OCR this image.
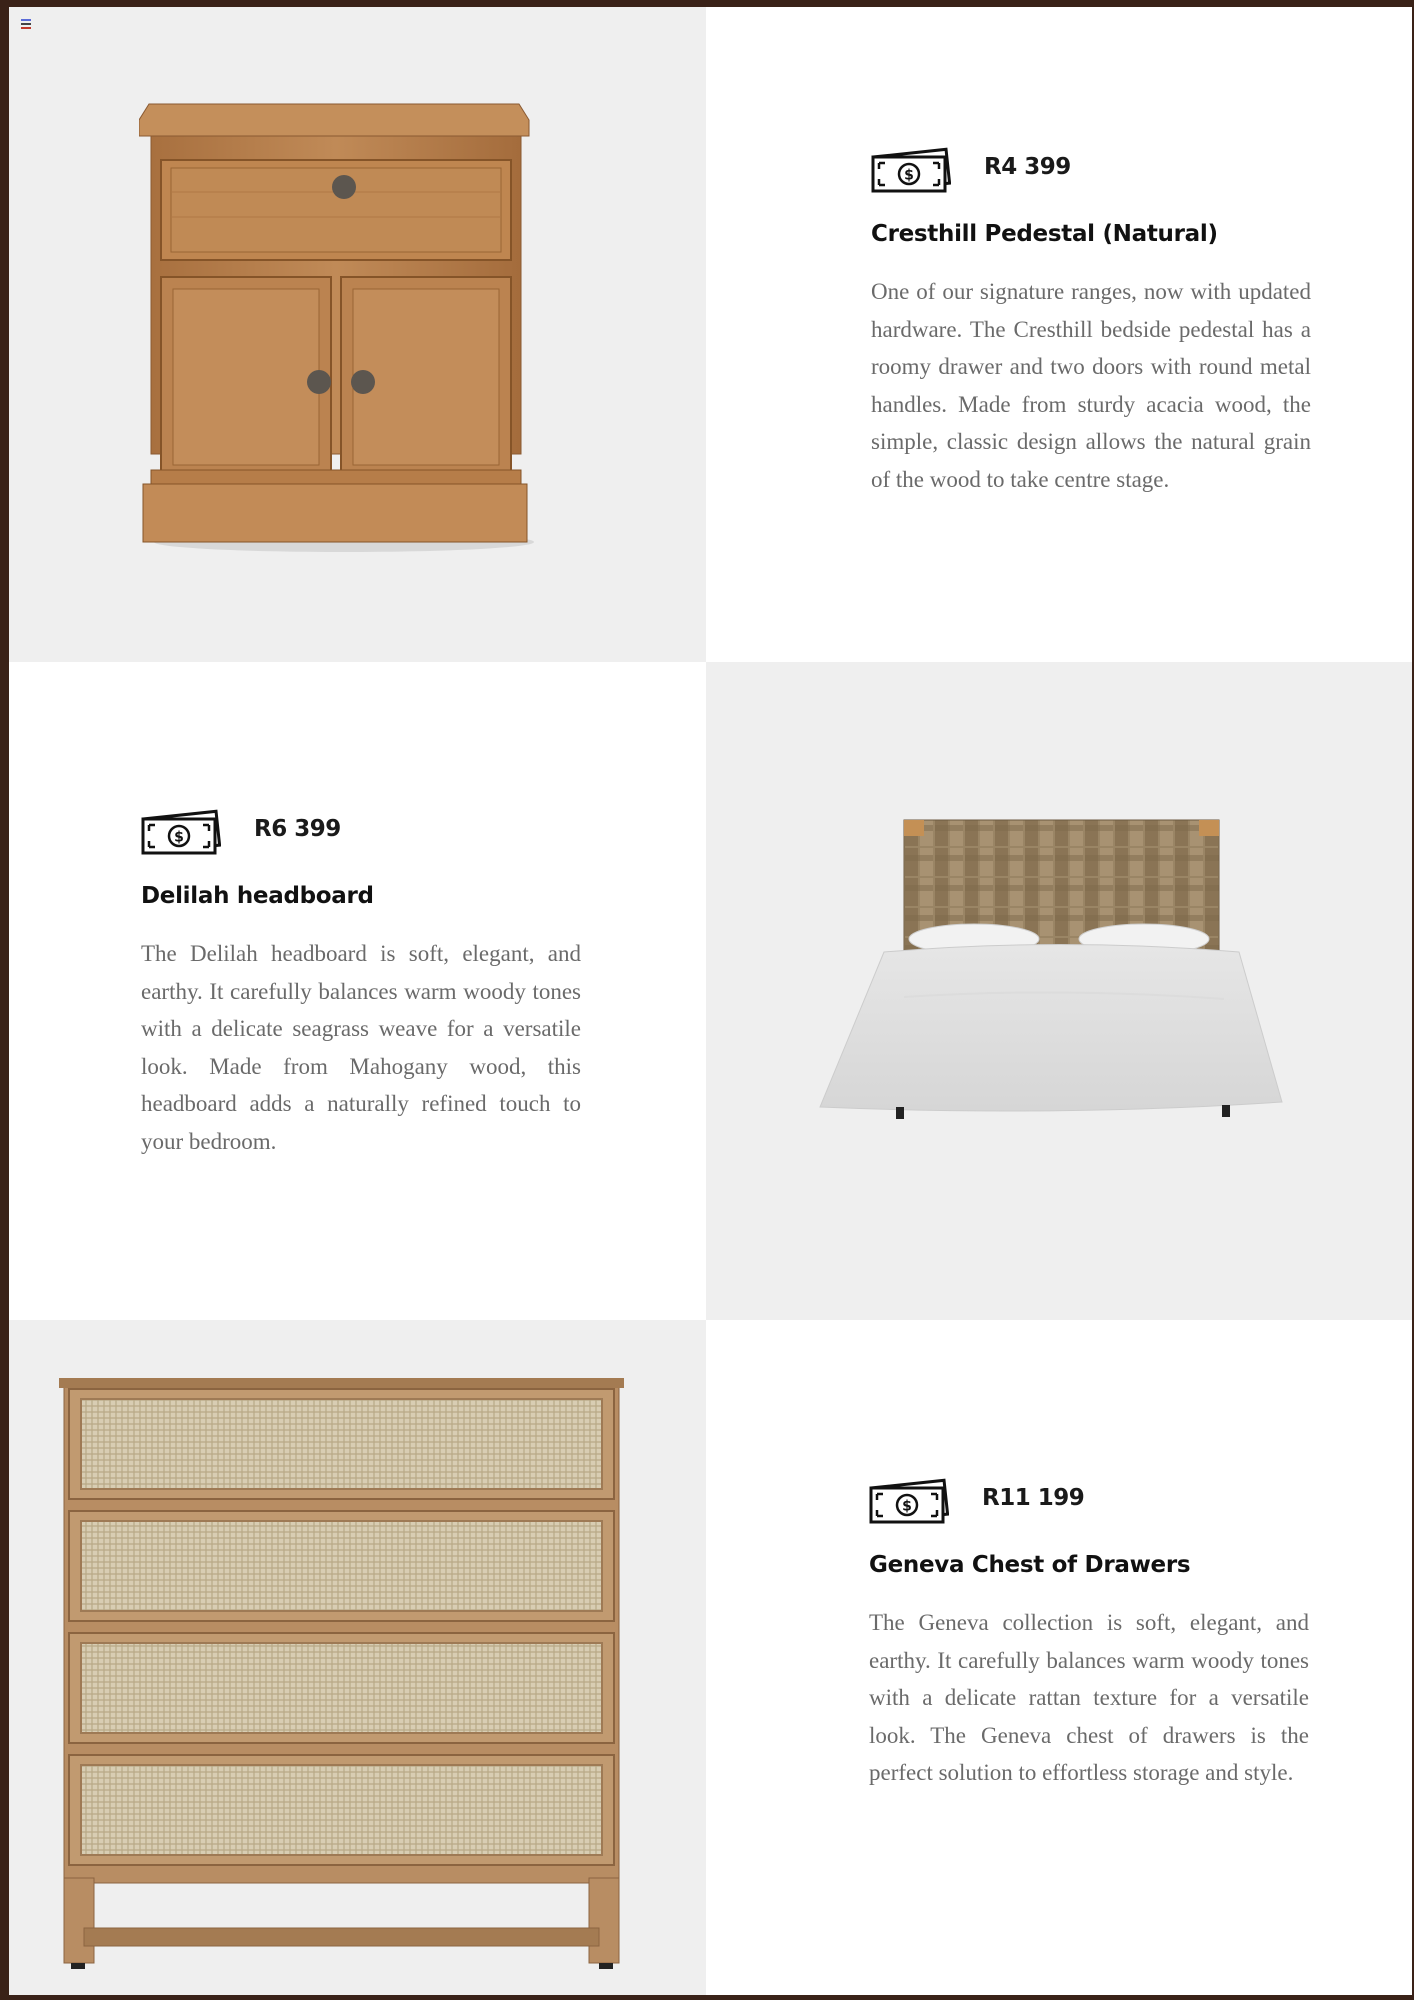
$	R4 399
Cresthill Pedestal (Natural)
One of our signature ranges, now with updated hardware. The Cresthill bedside pedestal has a roomy drawer and two doors with round metal handles. Made from sturdy acacia wood, the simple, classic design allows the natural grain of the wood to take centre stage.
$	R6 399
Delilah headboard
The Delilah headboard is soft, elegant, and earthy. It carefully balances warm woody tones with a delicate seagrass weave for a versatile look. Made from Mahogany wood, this headboard adds a naturally refined touch to your bedroom.
$	R11 199
Geneva Chest of Drawers
The Geneva collection is soft, elegant, and earthy. It carefully balances warm woody tones with a delicate rattan texture for a versatile look. The Geneva chest of drawers is the perfect solution to effortless storage and style.
